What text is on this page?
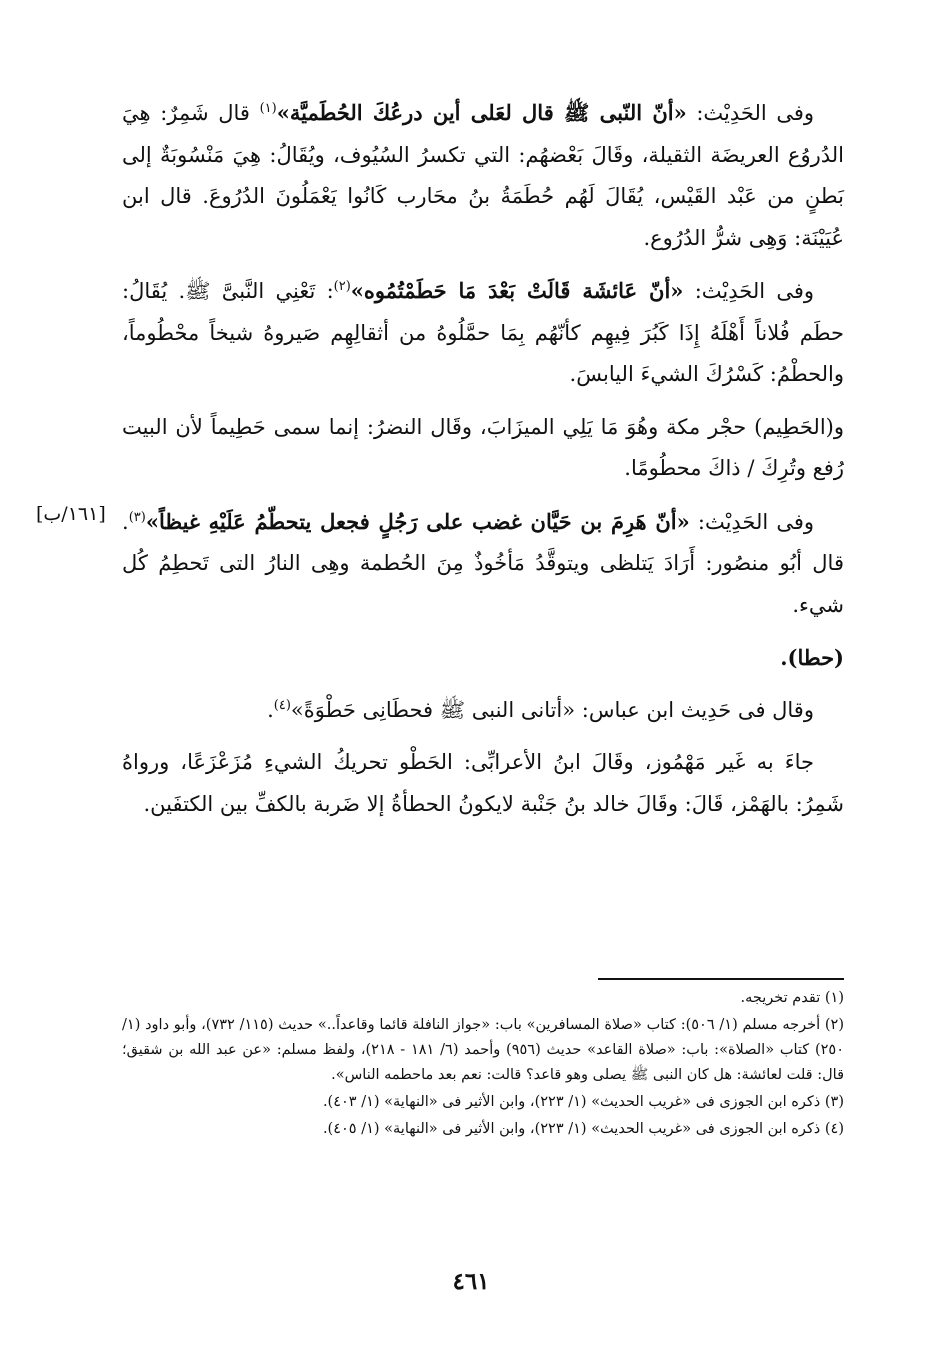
وفى الحَدِيْث: «أنّ النّبى ﷺ قال لعَلى أين درعُكَ الحُطَميَّة»$^{(١)}$ قال شَمِرٌ: هِيَ الدُروُع العريضَة الثقيلة، وقَالَ بَعْضهُم: التي تكسرُ السُيُوف، ويُقَالُ: هِيَ مَنْسُوبَةٌ إلى بَطنٍ من عَبْد القَيْس، يُقَالَ لَهُم حُطَمَةُ بنُ محَارب كَانُوا يَعْمَلُونَ الدُرُوعَ. قال ابن عُيَيْنَة: وَهِى شرُّ الدُرُوع.

وفى الحَدِيْث: «أنّ عَائشَة قَالَتْ بَعْدَ مَا حَطَمْتُمُوه»$^{(٢)}$: تَعْنِي النَّبىَّ ﷺ. يُقَالُ: حطَم فُلاناً أَهْلَهُ إِذَا كَبُرَ فِيهِم كأنّهُم بِمَا حمَّلُوهُ من أثقالِهِم صَيروهُ شيخاً محْطُوماً، والحطْمُ: كَسْرُكَ الشيءَ اليابسَ.

و(الحَطِيم) حجْر مكة وهُوَ مَا يَلِي الميزَابَ، وقَال النضرُ: إنما سمى حَطِيماً لأن البيت رُفع وتُرِكَ / ذاكَ محطُومًا.

وفى الحَدِيْث: «أنّ هَرِمَ بن حَيَّان غضب على رَجُلٍ فجعل يتحطّمُ عَلَيْهِ غيظاً»$^{(٣)}$. قال أبُو منصُور: أَرَادَ يَتلظى ويتوقَّدُ مَأخُوذٌ مِنَ الحُطمة وهِى النارُ التى تَحطِمُ كُل شيء.

(حطا).

وقال فى حَدِيث ابن عباس: «أتانى النبى ﷺ فحطَانِى حَطْوَةً»$^{(٤)}$.

جاءَ به غَير مَهْمُوز، وقَالَ ابنُ الأعرابِّى: الحَطْو تحريكُ الشيءِ مُزَعْزَعًا، ورواهُ شَمِرُ: بالهَمْز، قَالَ: وقَالَ خالد بنُ جَنْبة لايكونُ الحطأةُ إلا ضَربة بالكفِّ بين الكتفَين.

[١٦١/ب]

(١) تقدم تخريجه.

(٢) أخرجه مسلم (١/ ٥٠٦): كتاب «صلاة المسافرين» باب: «جواز النافلة قائما وقاعداً..» حديث (١١٥/ ٧٣٢)، وأبو داود (١/ ٢٥٠) كتاب «الصلاة»: باب: «صلاة القاعد» حديث (٩٥٦) وأحمد (٦/ ١٨١ - ٢١٨)، ولفظ مسلم: «عن عبد الله بن شقيق؛ قال: قلت لعائشة: هل كان النبى ﷺ يصلى وهو قاعد؟ قالت: نعم بعد ماحطمه الناس».

(٣) ذكره ابن الجوزى فى «غريب الحديث» (١/ ٢٢٣)، وابن الأثير فى «النهاية» (١/ ٤٠٣).

(٤) ذكره ابن الجوزى فى «غريب الحديث» (١/ ٢٢٣)، وابن الأثير فى «النهاية» (١/ ٤٠٥).

٤٦١
